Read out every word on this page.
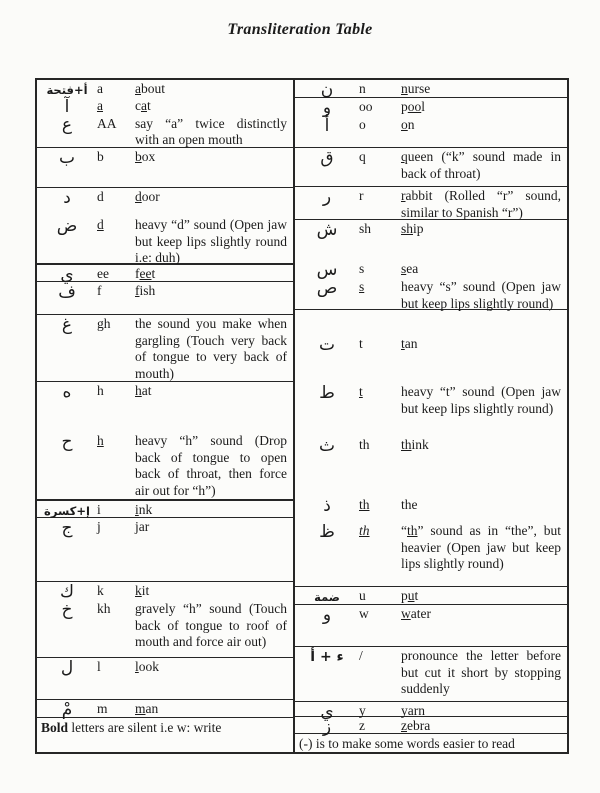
Transliteration Table
أ+فتحة a	about
آ	a	cat
ع	AA	say “a” twice distinctly with an open mouth
ب	b	box
د	d	door
ض	d	heavy “d” sound (Open jaw but keep lips slightly round i.e: duh)
ي	ee	feet
ف	f	fish
غ	gh	the sound you make when gargling (Touch very back of tongue to very back of mouth)
ه	h	hat
ح	h	heavy “h” sound (Drop back of tongue to open back of throat, then force air out for “h”)
إ+كسرة i	ink
ج	j	jar
ك	k	kit
خ	kh	gravely “h” sound (Touch back of tongue to roof of mouth and force air out)
ل	l	look
مْ	m	man
Bold letters are silent i.e w: write
ن	n	nurse
و	oo	pool
أ	o	on
ق	q	queen (“k” sound made in back of throat)
ر	r	rabbit (Rolled “r” sound, similar to Spanish “r”)
ش	sh	ship
س	s	sea
ص	s	heavy “s” sound (Open jaw but keep lips slightly round)
ت	t	tan
ط	t	heavy “t” sound (Open jaw but keep lips slightly round)
ث	th	think
ذ	th	the
ظ	th	“th” sound as in “the”, but heavier (Open jaw but keep lips slightly round)
ضمة	u	put
و	w	water
ء + أ	/	pronounce the letter before but cut it short by stopping suddenly
ي	y	yarn
ز	z	zebra
(-) is to make some words easier to read
